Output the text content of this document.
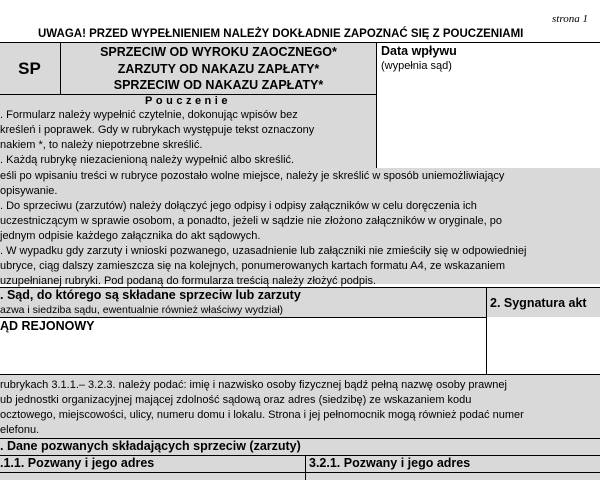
strona 1
UWAGA! PRZED WYPEŁNIENIEM NALEŻY DOKŁADNIE ZAPOZNAĆ SIĘ Z POUCZENIAMI
SP
SPRZECIW OD WYROKU ZAOCZNEGO*
ZARZUTY OD NAKAZU ZAPŁATY*
SPRZECIW OD NAKAZU ZAPŁATY*
Data wpływu
(wypełnia sąd)
Pouczenie
. Formularz należy wypełnić czytelnie, dokonując wpisów bez
kreśleń i poprawek. Gdy w rubrykach występuje tekst oznaczony
nakiem *, to należy niepotrzebne skreślić.
. Każdą rubrykę niezacienioną należy wypełnić albo skreślić.
eśli po wpisaniu treści w rubryce pozostało wolne miejsce, należy je skreślić w sposób uniemożliwiający
opisywanie.
. Do sprzeciwu (zarzutów) należy dołączyć jego odpisy i odpisy załączników w celu doręczenia ich
uczestniczącym w sprawie osobom, a ponadto, jeżeli w sądzie nie złożono załączników w oryginale, po
jednym odpisie każdego załącznika do akt sądowych.
. W wypadku gdy zarzuty i wnioski pozwanego, uzasadnienie lub załączniki nie zmieściły się w odpowiedniej
ubryce, ciąg dalszy zamieszcza się na kolejnych, ponumerowanych kartach formatu A4, ze wskazaniem
uzupełnianej rubryki. Pod podaną do formularza treścią należy złożyć podpis.
. Sąd, do którego są składane sprzeciw lub zarzuty
azwa i siedziba sądu, ewentualnie również właściwy wydział)	2. Sygnatura akt
ĄD REJONOWY
rubrykach 3.1.1.– 3.2.3. należy podać: imię i nazwisko osoby fizycznej bądź pełną nazwę osoby prawnej
ub jednostki organizacyjnej mającej zdolność sądową oraz adres (siedzibę) ze wskazaniem kodu
ocztowego, miejscowości, ulicy, numeru domu i lokalu. Strona i jej pełnomocnik mogą również podać numer
elefonu.
. Dane pozwanych składających sprzeciw (zarzuty)
.1.1. Pozwany i jego adres	3.2.1. Pozwany i jego adres
